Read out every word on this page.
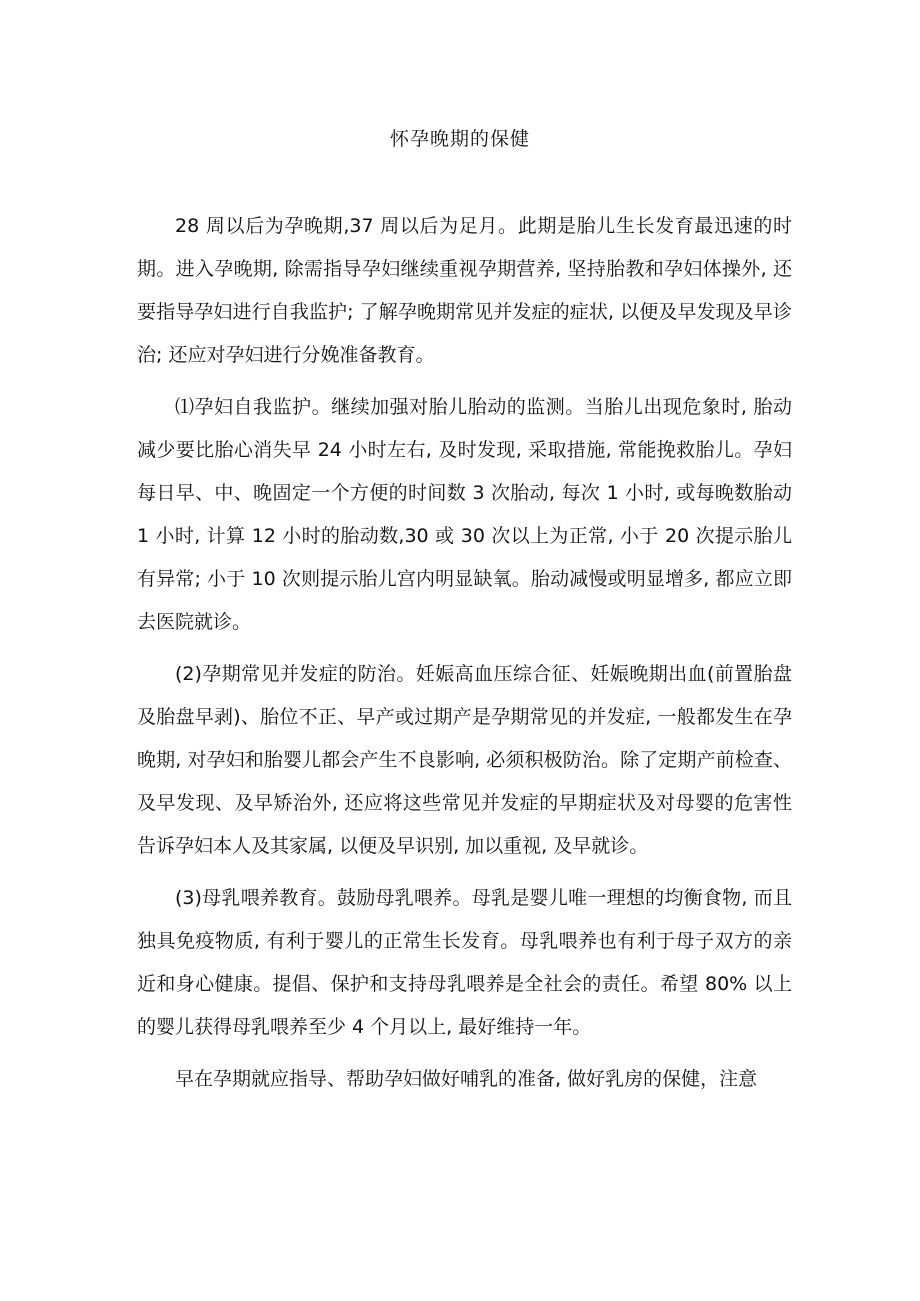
怀孕晚期的保健

28 周以后为孕晚期,37 周以后为足月。此期是胎儿生长发育最迅速的时期。进入孕晚期, 除需指导孕妇继续重视孕期营养, 坚持胎教和孕妇体操外, 还要指导孕妇进行自我监护; 了解孕晚期常见并发症的症状, 以便及早发现及早诊治; 还应对孕妇进行分娩准备教育。

⑴孕妇自我监护。继续加强对胎儿胎动的监测。当胎儿出现危象时, 胎动减少要比胎心消失早 24 小时左右, 及时发现, 采取措施, 常能挽救胎儿。孕妇每日早、中、晚固定一个方便的时间数 3 次胎动, 每次 1 小时, 或每晚数胎动 1 小时, 计算 12 小时的胎动数,30 或 30 次以上为正常, 小于 20 次提示胎儿有异常; 小于 10 次则提示胎儿宫内明显缺氧。胎动减慢或明显增多, 都应立即去医院就诊。

(2)孕期常见并发症的防治。妊娠高血压综合征、妊娠晚期出血(前置胎盘及胎盘早剥)、胎位不正、早产或过期产是孕期常见的并发症, 一般都发生在孕晚期, 对孕妇和胎婴儿都会产生不良影响, 必须积极防治。除了定期产前检查、及早发现、及早矫治外, 还应将这些常见并发症的早期症状及对母婴的危害性告诉孕妇本人及其家属, 以便及早识别, 加以重视, 及早就诊。

(3)母乳喂养教育。鼓励母乳喂养。母乳是婴儿唯一理想的均衡食物, 而且独具免疫物质, 有利于婴儿的正常生长发育。母乳喂养也有利于母子双方的亲近和身心健康。提倡、保护和支持母乳喂养是全社会的责任。希望 80% 以上的婴儿获得母乳喂养至少 4 个月以上, 最好维持一年。

早在孕期就应指导、帮助孕妇做好哺乳的准备, 做好乳房的保健，注意
